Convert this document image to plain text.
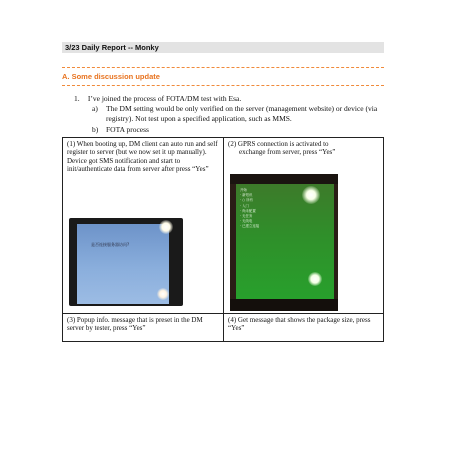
3/23 Daily Report -- Monky
A. Some discussion update
1. I’ve joined the process of FOTA/DM test with Esa.
a) The DM setting would be only verified on the server (management website) or device (via registry). Not test upon a specified application, such as MMS.
b) FOTA process
(1) When booting up, DM client can auto run and self register to server (but we now set it up manually). Device got SMS notification and start to init/authenticate data from server after press “Yes”
是否连接服务器访问?
(2) GPRS connection is activated to
exchange from server, press “Yes”
开始
· 新短讯
· ○ 所有
· 入门
· 尚未配置
· 无任务
· 无线电
· 已建立连接
(3) Popup info. message that is preset in the DM server by tester, press “Yes”
(4) Get message that shows the package size, press “Yes”
